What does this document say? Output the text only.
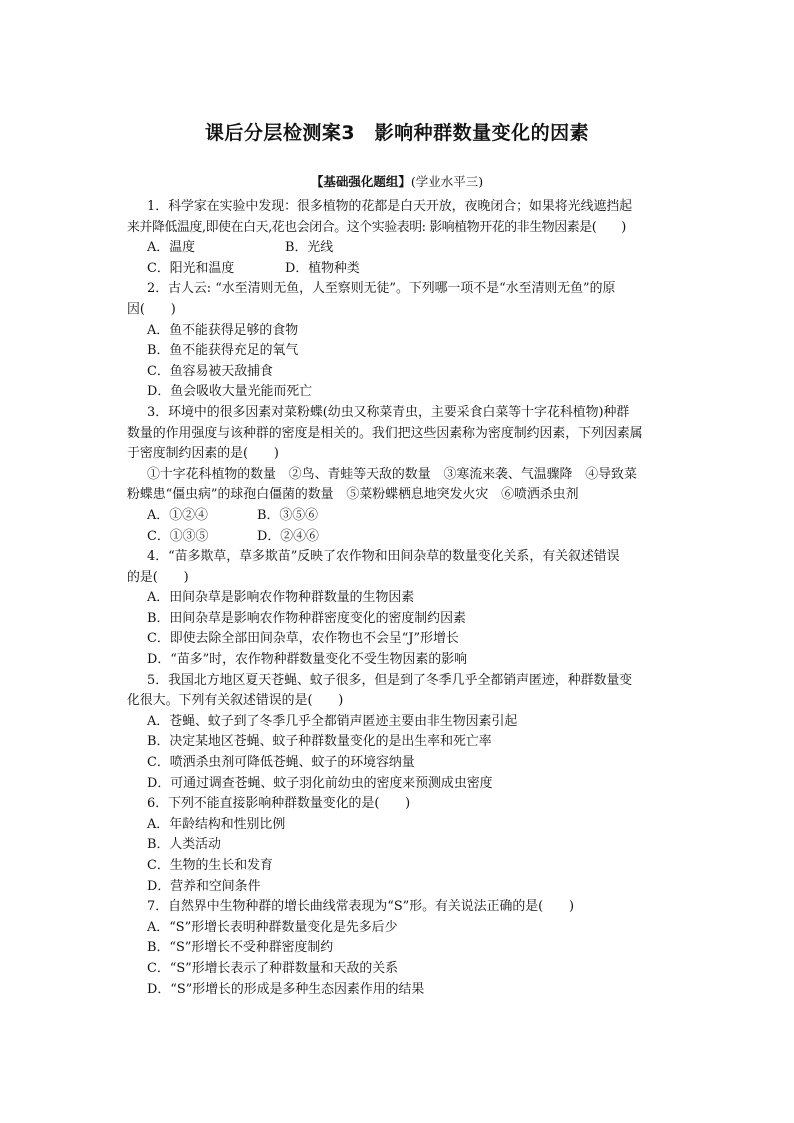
课后分层检测案3　影响种群数量变化的因素
【基础强化题组】(学业水平三)
1．科学家在实验中发现：很多植物的花都是白天开放，夜晚闭合；如果将光线遮挡起
来并降低温度,即使在白天,花也会闭合。这个实验表明: 影响植物开花的非生物因素是(　　)
A．温度	B．光线
C．阳光和温度	D．植物种类
2．古人云: “水至清则无鱼，人至察则无徒”。下列哪一项不是“水至清则无鱼”的原
因(　　)
A．鱼不能获得足够的食物
B．鱼不能获得充足的氧气
C．鱼容易被天敌捕食
D．鱼会吸收大量光能而死亡
3．环境中的很多因素对菜粉蝶(幼虫又称菜青虫，主要采食白菜等十字花科植物)种群
数量的作用强度与该种群的密度是相关的。我们把这些因素称为密度制约因素，下列因素属
于密度制约因素的是(　　)
①十字花科植物的数量　②鸟、青蛙等天敌的数量　③寒流来袭、气温骤降　④导致菜
粉蝶患“僵虫病”的球孢白僵菌的数量　⑤菜粉蝶栖息地突发火灾　⑥喷洒杀虫剂
A．①②④	B．③⑤⑥
C．①③⑤	D．②④⑥
4．“苗多欺草，草多欺苗”反映了农作物和田间杂草的数量变化关系，有关叙述错误
的是(　　)
A．田间杂草是影响农作物种群数量的生物因素
B．田间杂草是影响农作物种群密度变化的密度制约因素
C．即使去除全部田间杂草，农作物也不会呈“J”形增长
D．“苗多”时，农作物种群数量变化不受生物因素的影响
5．我国北方地区夏天苍蝇、蚊子很多，但是到了冬季几乎全都销声匿迹，种群数量变
化很大。下列有关叙述错误的是(　　)
A．苍蝇、蚊子到了冬季几乎全都销声匿迹主要由非生物因素引起
B．决定某地区苍蝇、蚊子种群数量变化的是出生率和死亡率
C．喷洒杀虫剂可降低苍蝇、蚊子的环境容纳量
D．可通过调查苍蝇、蚊子羽化前幼虫的密度来预测成虫密度
6．下列不能直接影响种群数量变化的是(　　)
A．年龄结构和性别比例
B．人类活动
C．生物的生长和发育
D．营养和空间条件
7．自然界中生物种群的增长曲线常表现为“S”形。有关说法正确的是(　　)
A．“S”形增长表明种群数量变化是先多后少
B．“S”形增长不受种群密度制约
C．“S”形增长表示了种群数量和天敌的关系
D．“S”形增长的形成是多种生态因素作用的结果
